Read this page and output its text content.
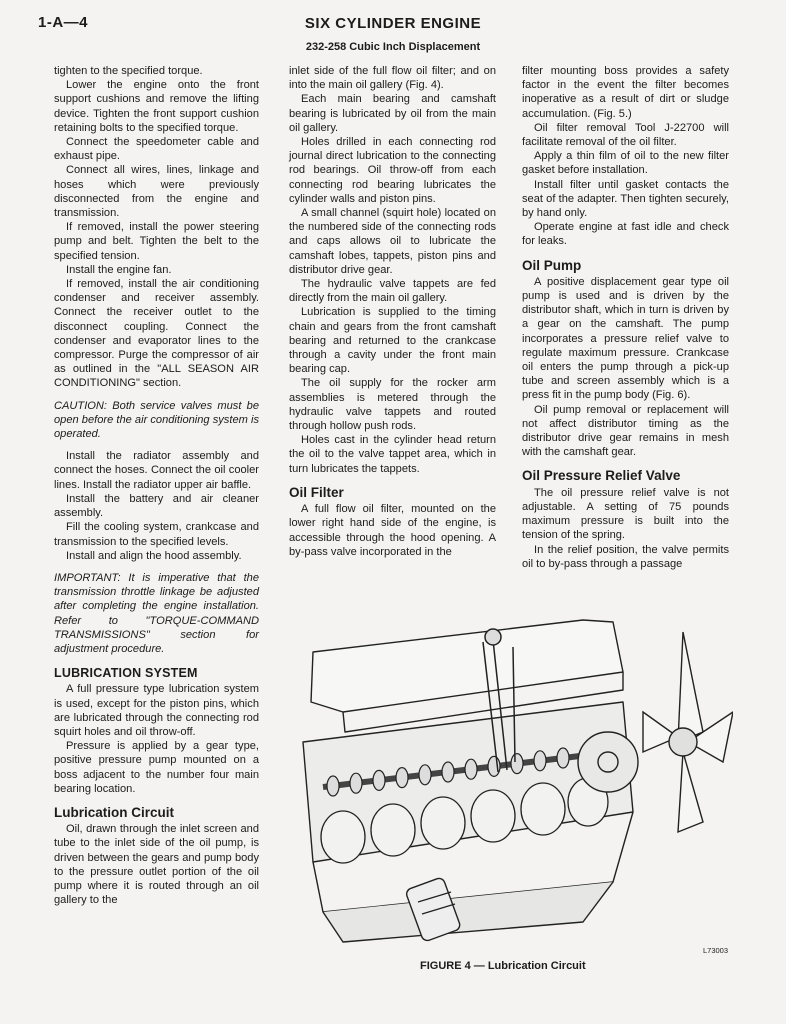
1-A—4	SIX CYLINDER ENGINE
232-258 Cubic Inch Displacement

tighten to the specified torque.

Lower the engine onto the front support cushions and remove the lifting device. Tighten the front support cushion retaining bolts to the specified torque.

Connect the speedometer cable and exhaust pipe.

Connect all wires, lines, linkage and hoses which were previously disconnected from the engine and transmission.

If removed, install the power steering pump and belt. Tighten the belt to the specified tension.

Install the engine fan.

If removed, install the air conditioning condenser and receiver assembly. Connect the receiver outlet to the disconnect coupling. Connect the condenser and evaporator lines to the compressor. Purge the compressor of air as outlined in the "ALL SEASON AIR CONDITIONING" section.

CAUTION: Both service valves must be open before the air conditioning system is operated.

Install the radiator assembly and connect the hoses. Connect the oil cooler lines. Install the radiator upper air baffle.

Install the battery and air cleaner assembly.

Fill the cooling system, crankcase and transmission to the specified levels.

Install and align the hood assembly.

IMPORTANT: It is imperative that the transmission throttle linkage be adjusted after completing the engine installation. Refer to "TORQUE-COMMAND TRANSMISSIONS" section for adjustment procedure.

LUBRICATION SYSTEM

A full pressure type lubrication system is used, except for the piston pins, which are lubricated through the connecting rod squirt holes and oil throw-off.

Pressure is applied by a gear type, positive pressure pump mounted on a boss adjacent to the number four main bearing location.

Lubrication Circuit

Oil, drawn through the inlet screen and tube to the inlet side of the oil pump, is driven between the gears and pump body to the pressure outlet portion of the oil pump where it is routed through an oil gallery to the

inlet side of the full flow oil filter; and on into the main oil gallery (Fig. 4).

Each main bearing and camshaft bearing is lubricated by oil from the main oil gallery.

Holes drilled in each connecting rod journal direct lubrication to the connecting rod bearings. Oil throw-off from each connecting rod bearing lubricates the cylinder walls and piston pins.

A small channel (squirt hole) located on the numbered side of the connecting rods and caps allows oil to lubricate the camshaft lobes, tappets, piston pins and distributor drive gear.

The hydraulic valve tappets are fed directly from the main oil gallery.

Lubrication is supplied to the timing chain and gears from the front camshaft bearing and returned to the crankcase through a cavity under the front main bearing cap.

The oil supply for the rocker arm assemblies is metered through the hydraulic valve tappets and routed through hollow push rods.

Holes cast in the cylinder head return the oil to the valve tappet area, which in turn lubricates the tappets.

Oil Filter

A full flow oil filter, mounted on the lower right hand side of the engine, is accessible through the hood opening. A by-pass valve incorporated in the

filter mounting boss provides a safety factor in the event the filter becomes inoperative as a result of dirt or sludge accumulation. (Fig. 5.)

Oil filter removal Tool J-22700 will facilitate removal of the oil filter.

Apply a thin film of oil to the new filter gasket before installation.

Install filter until gasket contacts the seat of the adapter. Then tighten securely, by hand only.

Operate engine at fast idle and check for leaks.

Oil Pump

A positive displacement gear type oil pump is used and is driven by the distributor shaft, which in turn is driven by a gear on the camshaft. The pump incorporates a pressure relief valve to regulate maximum pressure. Crankcase oil enters the pump through a pick-up tube and screen assembly which is a press fit in the pump body (Fig. 6).

Oil pump removal or replacement will not affect distributor timing as the distributor drive gear remains in mesh with the camshaft gear.

Oil Pressure Relief Valve

The oil pressure relief valve is not adjustable. A setting of 75 pounds maximum pressure is built into the tension of the spring.

In the relief position, the valve permits oil to by-pass through a passage

L73003
FIGURE 4 — Lubrication Circuit
